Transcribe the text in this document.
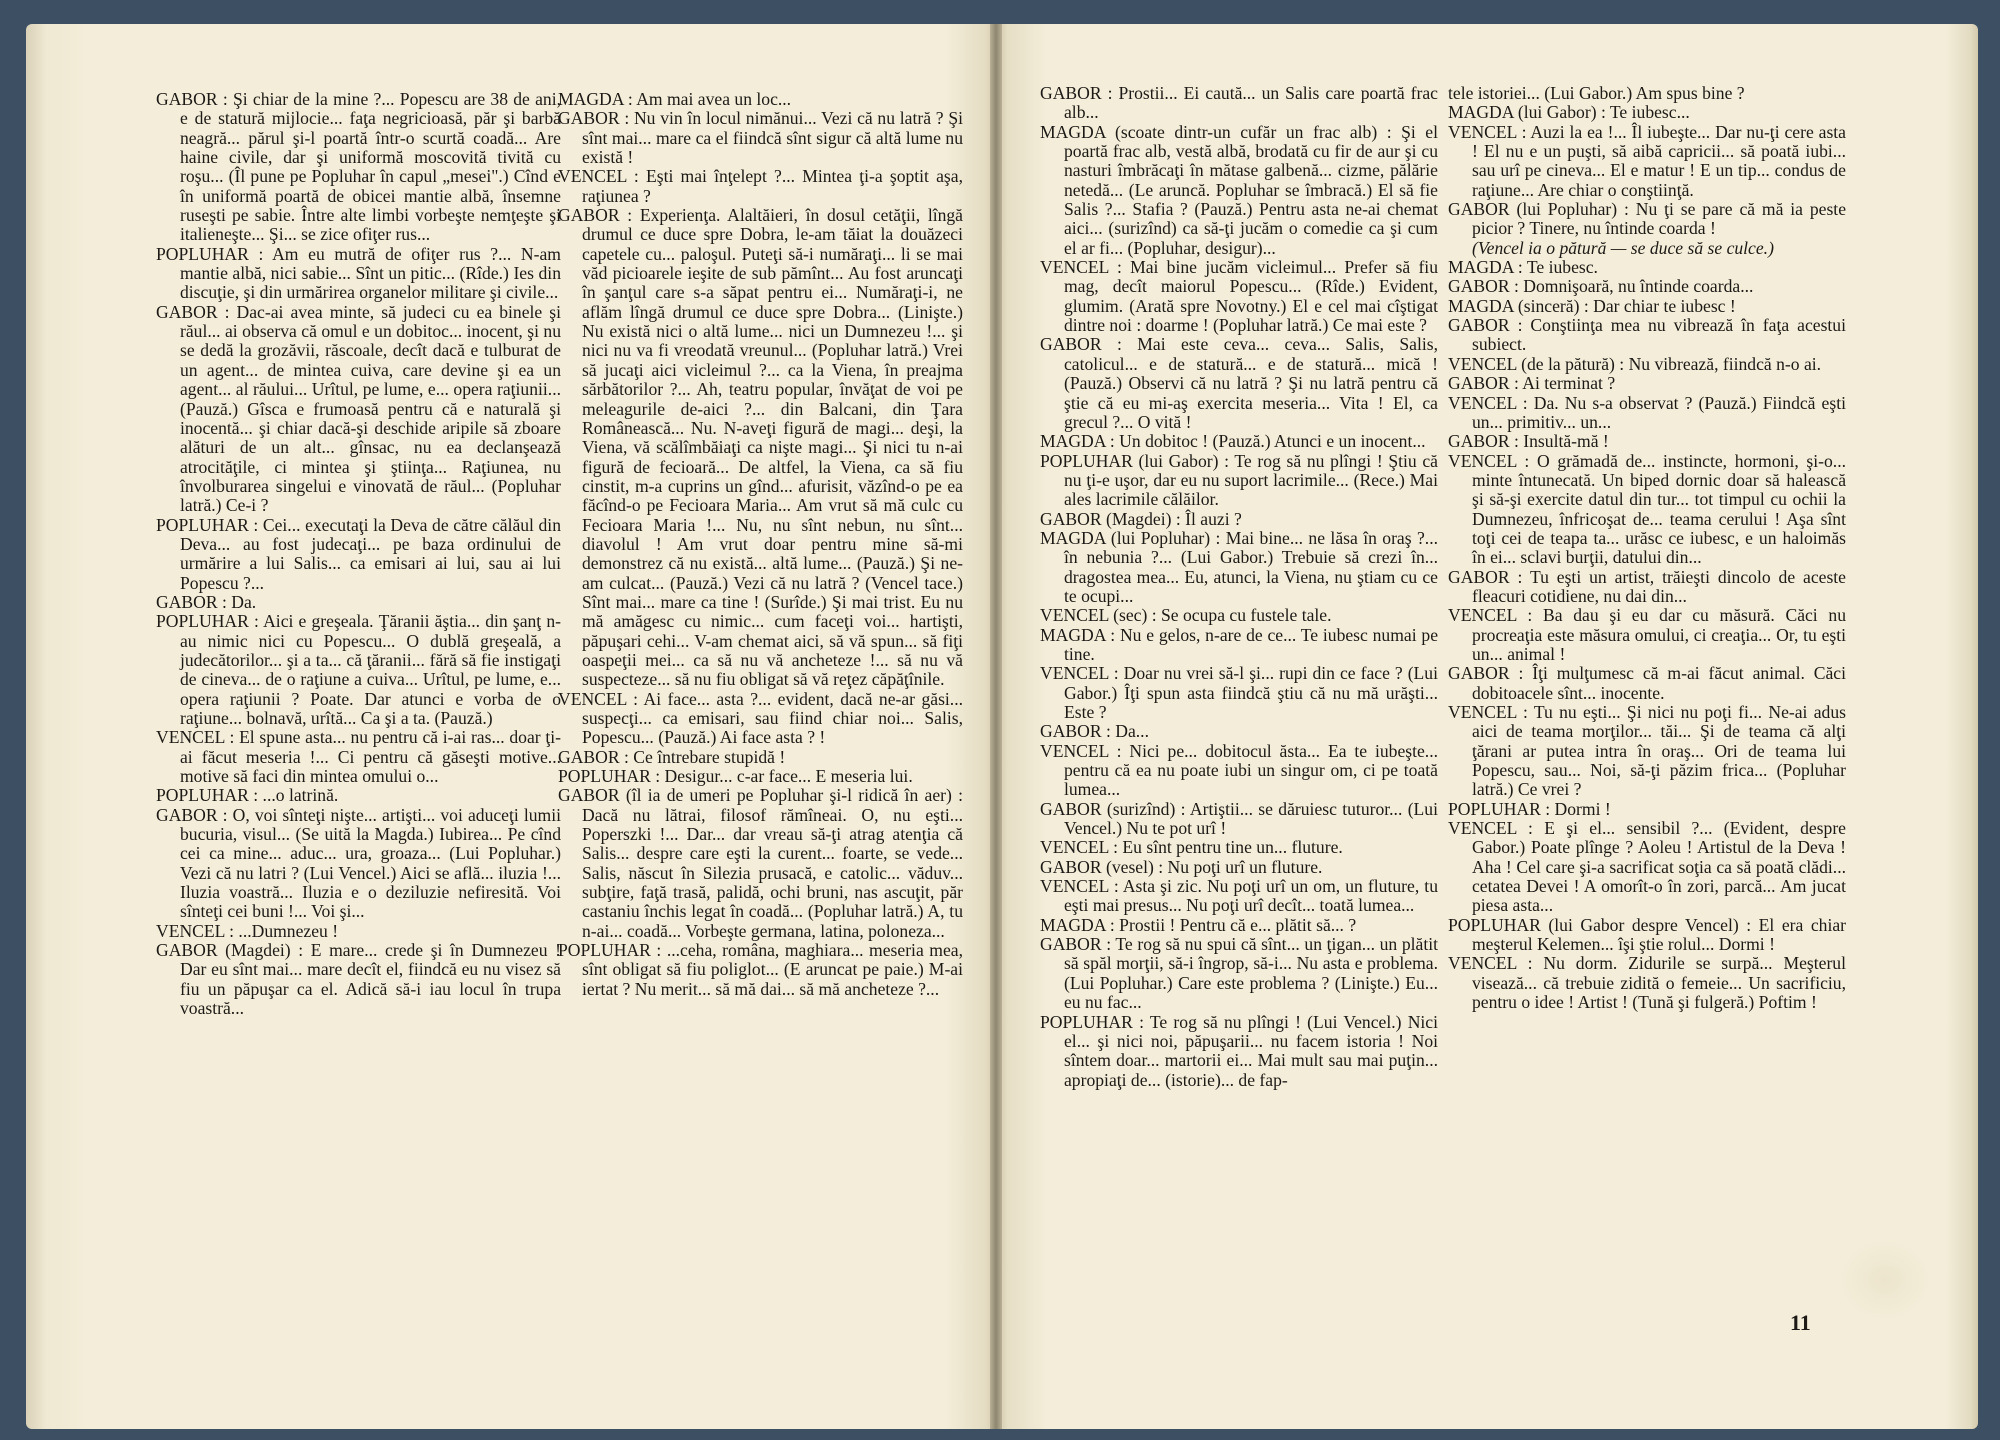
GABOR : Şi chiar de la mine ?... Popescu are 38 de ani, e de statură mijlocie... faţa negricioasă, păr şi barbă neagră... părul şi-l poartă într-o scurtă coadă... Are haine civile, dar şi uniformă moscovită tivită cu roşu... (Îl pune pe Popluhar în capul „mesei".) Cînd e în uniformă poartă de obicei mantie albă, însemne ruseşti pe sabie. Între alte limbi vorbeşte nemţeşte şi italieneşte... Şi... se zice ofiţer rus...

POPLUHAR : Am eu mutră de ofiţer rus ?... N-am mantie albă, nici sabie... Sînt un pitic... (Rîde.) Ies din discuţie, şi din urmărirea organelor militare şi civile...

GABOR : Dac-ai avea minte, să judeci cu ea binele şi răul... ai observa că omul e un dobitoc... inocent, şi nu se dedă la grozăvii, răscoale, decît dacă e tulburat de un agent... de mintea cuiva, care devine şi ea un agent... al răului... Urîtul, pe lume, e... opera raţiunii... (Pauză.) Gîsca e frumoasă pentru că e naturală şi inocentă... şi chiar dacă-şi deschide aripile să zboare alături de un alt... gînsac, nu ea declanşează atrocităţile, ci mintea şi ştiinţa... Raţiunea, nu învolburarea singelui e vinovată de răul... (Popluhar latră.) Ce-i ?

POPLUHAR : Cei... executaţi la Deva de către călăul din Deva... au fost judecaţi... pe baza ordinului de urmărire a lui Salis... ca emisari ai lui, sau ai lui Popescu ?...

GABOR : Da.

POPLUHAR : Aici e greşeala. Ţăranii ăştia... din şanţ n-au nimic nici cu Popescu... O dublă greşeală, a judecătorilor... şi a ta... că ţăranii... fără să fie instigaţi de cineva... de o raţiune a cuiva... Urîtul, pe lume, e... opera raţiunii ? Poate. Dar atunci e vorba de o raţiune... bolnavă, urîtă... Ca şi a ta. (Pauză.)

VENCEL : El spune asta... nu pentru că i-ai ras... doar ţi-ai făcut meseria !... Ci pentru că găseşti motive... motive să faci din mintea omului o...

POPLUHAR : ...o latrină.

GABOR : O, voi sînteţi nişte... artişti... voi aduceţi lumii bucuria, visul... (Se uită la Magda.) Iubirea... Pe cînd cei ca mine... aduc... ura, groaza... (Lui Popluhar.) Vezi că nu latri ? (Lui Vencel.) Aici se află... iluzia !... Iluzia voastră... Iluzia e o deziluzie nefiresită. Voi sînteţi cei buni !... Voi şi...

VENCEL : ...Dumnezeu !

GABOR (Magdei) : E mare... crede şi în Dumnezeu ! Dar eu sînt mai... mare decît el, fiindcă eu nu visez să fiu un păpuşar ca el. Adică să-i iau locul în trupa voastră...

MAGDA : Am mai avea un loc...

GABOR : Nu vin în locul nimănui... Vezi că nu latră ? Şi sînt mai... mare ca el fiindcă sînt sigur că altă lume nu există !

VENCEL : Eşti mai înţelept ?... Mintea ţi-a şoptit aşa, raţiunea ?

GABOR : Experienţa. Alaltăieri, în dosul cetăţii, lîngă drumul ce duce spre Dobra, le-am tăiat la douăzeci capetele cu... paloşul. Puteţi să-i număraţi... li se mai văd picioarele ieşite de sub pămînt... Au fost aruncaţi în şanţul care s-a săpat pentru ei... Număraţi-i, ne aflăm lîngă drumul ce duce spre Dobra... (Linişte.) Nu există nici o altă lume... nici un Dumnezeu !... şi nici nu va fi vreodată vreunul... (Popluhar latră.) Vrei să jucaţi aici vicleimul ?... ca la Viena, în preajma sărbătorilor ?... Ah, teatru popular, învăţat de voi pe meleagurile de-aici ?... din Balcani, din Ţara Românească... Nu. N-aveţi figură de magi... deşi, la Viena, vă scălîmbăiaţi ca nişte magi... Şi nici tu n-ai figură de fecioară... De altfel, la Viena, ca să fiu cinstit, m-a cuprins un gînd... afurisit, văzînd-o pe ea făcînd-o pe Fecioara Maria... Am vrut să mă culc cu Fecioara Maria !... Nu, nu sînt nebun, nu sînt... diavolul ! Am vrut doar pentru mine să-mi demonstrez că nu există... altă lume... (Pauză.) Şi ne-am culcat... (Pauză.) Vezi că nu latră ? (Vencel tace.) Sînt mai... mare ca tine ! (Surîde.) Şi mai trist. Eu nu mă amăgesc cu nimic... cum faceţi voi... hartişti, păpuşari cehi... V-am chemat aici, să vă spun... să fiţi oaspeţii mei... ca să nu vă ancheteze !... să nu vă suspecteze... să nu fiu obligat să vă reţez căpăţînile.

VENCEL : Ai face... asta ?... evident, dacă ne-ar găsi... suspecţi... ca emisari, sau fiind chiar noi... Salis, Popescu... (Pauză.) Ai face asta ? !

GABOR : Ce întrebare stupidă !

POPLUHAR : Desigur... c-ar face... E meseria lui.

GABOR (îl ia de umeri pe Popluhar şi-l ridică în aer) : Dacă nu lătrai, filosof rămîneai. O, nu eşti... Poperszki !... Dar... dar vreau să-ţi atrag atenţia că Salis... despre care eşti la curent... foarte, se vede... Salis, născut în Silezia prusacă, e catolic... văduv... subţire, faţă trasă, palidă, ochi bruni, nas ascuţit, păr castaniu închis legat în coadă... (Popluhar latră.) A, tu n-ai... coadă... Vorbeşte germana, latina, poloneza...

POPLUHAR : ...ceha, româna, maghiara... meseria mea, sînt obligat să fiu poliglot... (E aruncat pe paie.) M-ai iertat ? Nu merit... să mă dai... să mă ancheteze ?...

GABOR : Prostii... Ei caută... un Salis care poartă frac alb...

MAGDA (scoate dintr-un cufăr un frac alb) : Şi el poartă frac alb, vestă albă, brodată cu fir de aur şi cu nasturi îmbrăcaţi în mătase galbenă... cizme, pălărie netedă... (Le aruncă. Popluhar se îmbracă.) El să fie Salis ?... Stafia ? (Pauză.) Pentru asta ne-ai chemat aici... (surizînd) ca să-ţi jucăm o comedie ca şi cum el ar fi... (Popluhar, desigur)...

VENCEL : Mai bine jucăm vicleimul... Prefer să fiu mag, decît maiorul Popescu... (Rîde.) Evident, glumim. (Arată spre Novotny.) El e cel mai cîştigat dintre noi : doarme ! (Popluhar latră.) Ce mai este ?

GABOR : Mai este ceva... ceva... Salis, Salis, catolicul... e de statură... e de statură... mică ! (Pauză.) Observi că nu latră ? Şi nu latră pentru că ştie că eu mi-aş exercita meseria... Vita ! El, ca grecul ?... O vită !

MAGDA : Un dobitoc ! (Pauză.) Atunci e un inocent...

POPLUHAR (lui Gabor) : Te rog să nu plîngi ! Ştiu că nu ţi-e uşor, dar eu nu suport lacrimile... (Rece.) Mai ales lacrimile călăilor.

GABOR (Magdei) : Îl auzi ?

MAGDA (lui Popluhar) : Mai bine... ne lăsa în oraş ?... în nebunia ?... (Lui Gabor.) Trebuie să crezi în... dragostea mea... Eu, atunci, la Viena, nu ştiam cu ce te ocupi...

VENCEL (sec) : Se ocupa cu fustele tale.

MAGDA : Nu e gelos, n-are de ce... Te iubesc numai pe tine.

VENCEL : Doar nu vrei să-l şi... rupi din ce face ? (Lui Gabor.) Îţi spun asta fiindcă ştiu că nu mă urăşti... Este ?

GABOR : Da...

VENCEL : Nici pe... dobitocul ăsta... Ea te iubeşte... pentru că ea nu poate iubi un singur om, ci pe toată lumea...

GABOR (surizînd) : Artiştii... se dăruiesc tuturor... (Lui Vencel.) Nu te pot urî !

VENCEL : Eu sînt pentru tine un... fluture.

GABOR (vesel) : Nu poţi urî un fluture.

VENCEL : Asta şi zic. Nu poţi urî un om, un fluture, tu eşti mai presus... Nu poţi urî decît... toată lumea...

MAGDA : Prostii ! Pentru că e... plătit să... ?

GABOR : Te rog să nu spui că sînt... un ţigan... un plătit să spăl morţii, să-i îngrop, să-i... Nu asta e problema. (Lui Popluhar.) Care este problema ? (Linişte.) Eu... eu nu fac...

POPLUHAR : Te rog să nu plîngi ! (Lui Vencel.) Nici el... şi nici noi, păpuşarii... nu facem istoria ! Noi sîntem doar... martorii ei... Mai mult sau mai puţin... apropiaţi de... (istorie)... de fap-

tele istoriei... (Lui Gabor.) Am spus bine ?

MAGDA (lui Gabor) : Te iubesc...

VENCEL : Auzi la ea !... Îl iubeşte... Dar nu-ţi cere asta ! El nu e un puşti, să aibă capricii... să poată iubi... sau urî pe cineva... El e matur ! E un tip... condus de raţiune... Are chiar o conştiinţă.

GABOR (lui Popluhar) : Nu ţi se pare că mă ia peste picior ? Tinere, nu întinde coarda !

(Vencel ia o pătură — se duce să se culce.)

MAGDA : Te iubesc.

GABOR : Domnişoară, nu întinde coarda...

MAGDA (sinceră) : Dar chiar te iubesc !

GABOR : Conştiinţa mea nu vibrează în faţa acestui subiect.

VENCEL (de la pătură) : Nu vibrează, fiindcă n-o ai.

GABOR : Ai terminat ?

VENCEL : Da. Nu s-a observat ? (Pauză.) Fiindcă eşti un... primitiv... un...

GABOR : Insultă-mă !

VENCEL : O grămadă de... instincte, hormoni, şi-o... minte întunecată. Un biped dornic doar să halească şi să-şi exercite datul din tur... tot timpul cu ochii la Dumnezeu, înfricoşat de... teama cerului ! Aşa sînt toţi cei de teapa ta... urăsc ce iubesc, e un haloimăs în ei... sclavi burţii, datului din...

GABOR : Tu eşti un artist, trăieşti dincolo de aceste fleacuri cotidiene, nu dai din...

VENCEL : Ba dau şi eu dar cu măsură. Căci nu procreaţia este măsura omului, ci creaţia... Or, tu eşti un... animal !

GABOR : Îţi mulţumesc că m-ai făcut animal. Căci dobitoacele sînt... inocente.

VENCEL : Tu nu eşti... Şi nici nu poţi fi... Ne-ai adus aici de teama morţilor... tăi... Şi de teama că alţi ţărani ar putea intra în oraş... Ori de teama lui Popescu, sau... Noi, să-ţi păzim frica... (Popluhar latră.) Ce vrei ?

POPLUHAR : Dormi !

VENCEL : E şi el... sensibil ?... (Evident, despre Gabor.) Poate plînge ? Aoleu ! Artistul de la Deva ! Aha ! Cel care şi-a sacrificat soţia ca să poată clădi... cetatea Devei ! A omorît-o în zori, parcă... Am jucat piesa asta...

POPLUHAR (lui Gabor despre Vencel) : El era chiar meşterul Kelemen... îşi ştie rolul... Dormi !

VENCEL : Nu dorm. Zidurile se surpă... Meşterul visează... că trebuie zidită o femeie... Un sacrificiu, pentru o idee ! Artist ! (Tună şi fulgeră.) Poftim !

11
